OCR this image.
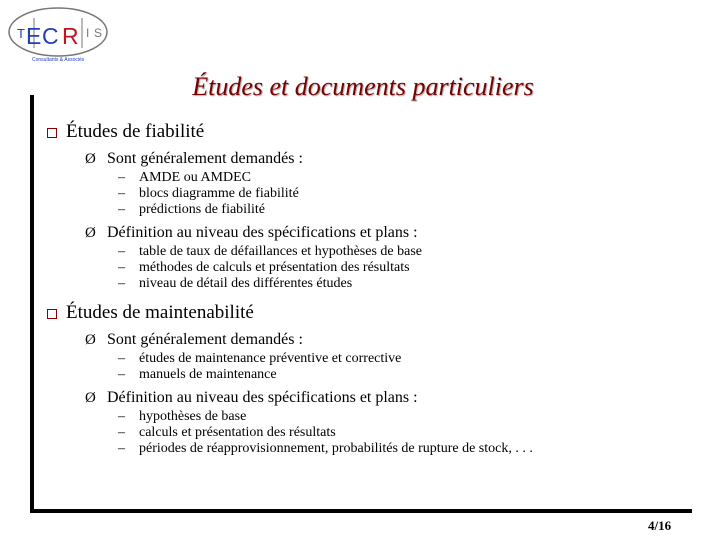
T E C R I S
Consultants & Associés
Études et documents particuliers
Études de fiabilité
Ø Sont généralement demandés :
–	AMDE ou AMDEC
–	blocs diagramme de fiabilité
–	prédictions de fiabilité
Ø Définition au niveau des spécifications et plans :
–	table de taux de défaillances et hypothèses de base
–	méthodes de calculs et présentation des résultats
–	niveau de détail des différentes études
Études de maintenabilité
Ø Sont généralement demandés :
–	études de maintenance préventive et corrective
–	manuels de maintenance
Ø Définition au niveau des spécifications et plans :
–	hypothèses de base
–	calculs et présentation des résultats
–	périodes de réapprovisionnement, probabilités de rupture de stock, . . .
4/16
